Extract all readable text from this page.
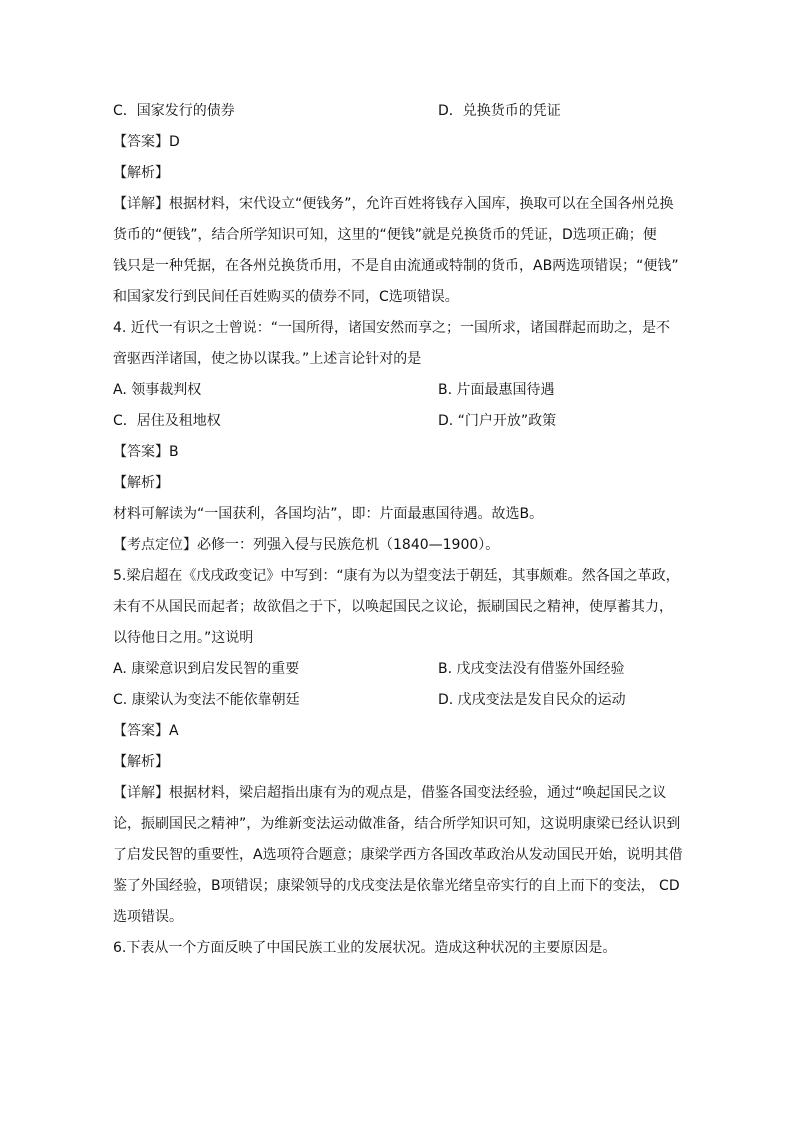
C．国家发行的债券	D．兑换货币的凭证
【答案】D
【解析】
【详解】根据材料，宋代设立“便钱务”，允许百姓将钱存入国库，换取可以在全国各州兑换
货币的“便钱”，结合所学知识可知，这里的“便钱”就是兑换货币的凭证，D选项正确；便
钱只是一种凭据，在各州兑换货币用，不是自由流通或特制的货币，AB两选项错误；“便钱”
和国家发行到民间任百姓购买的债券不同，C选项错误。
4. 近代一有识之士曾说：“一国所得，诸国安然而享之；一国所求，诸国群起而助之，是不
啻驱西洋诸国，使之协以谋我。”上述言论针对的是
A. 领事裁判权	B. 片面最惠国待遇
C．居住及租地权	D. “门户开放”政策
【答案】B
【解析】
材料可解读为“一国获利，各国均沾”，即：片面最惠国待遇。故选B。
【考点定位】必修一：列强入侵与民族危机（1840—1900）。
5.梁启超在《戊戌政变记》中写到：“康有为以为望变法于朝廷，其事颇难。然各国之革政，
未有不从国民而起者；故欲倡之于下，以唤起国民之议论，振刷国民之精神，使厚蓄其力，
以待他日之用。”这说明
A. 康梁意识到启发民智的重要	B. 戊戌变法没有借鉴外国经验
C. 康梁认为变法不能依靠朝廷	D. 戊戌变法是发自民众的运动
【答案】A
【解析】
【详解】根据材料，梁启超指出康有为的观点是，借鉴各国变法经验，通过“唤起国民之议
论，振刷国民之精神”，为维新变法运动做准备，结合所学知识可知，这说明康梁已经认识到
了启发民智的重要性，A选项符合题意；康梁学西方各国改革政治从发动国民开始，说明其借
鉴了外国经验，B项错误；康梁领导的戊戌变法是依靠光绪皇帝实行的自上而下的变法， CD
选项错误。
6.下表从一个方面反映了中国民族工业的发展状况。造成这种状况的主要原因是。
